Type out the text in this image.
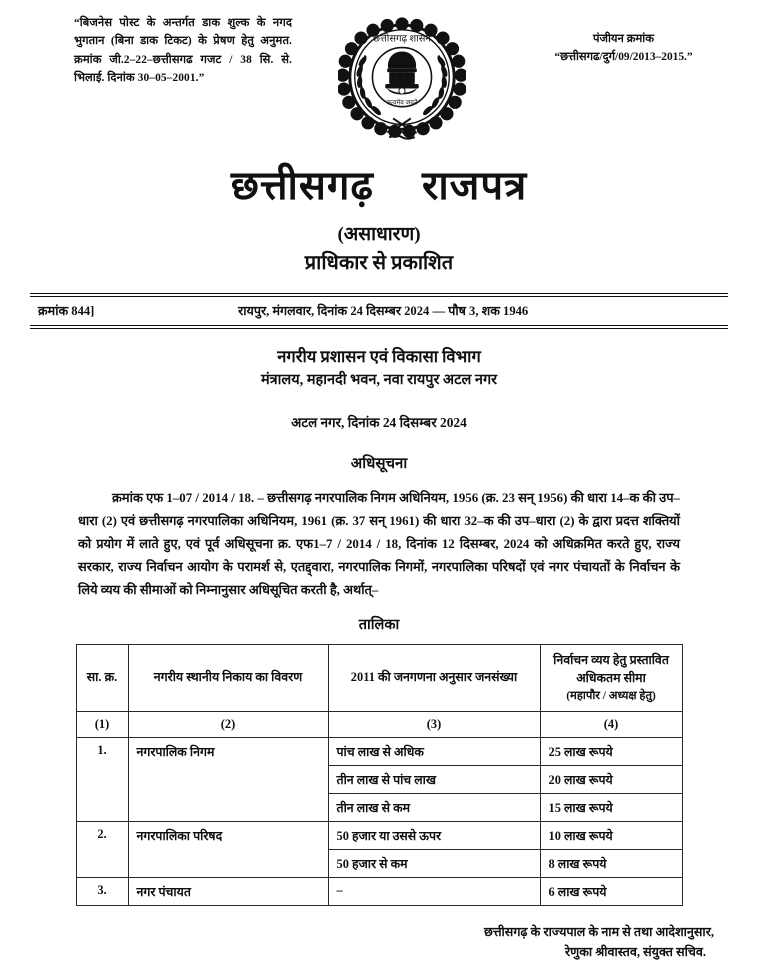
“बिजनेस पोस्ट के अन्तर्गत डाक शुल्क के नगद भुगतान (बिना डाक टिकट) के प्रेषण हेतु अनुमत. क्रमांक जी.2–22–छत्तीसगढ गजट / 38 सि. से. भिलाई. दिनांक 30–05–2001.”
छत्तीसगढ़ शासन
सत्यमेव जयते
पंजीयन क्रमांक
“छत्तीसगढ/दुर्ग/09/2013–2015.”
छत्तीसगढ़ राजपत्र
(असाधारण)
प्राधिकार से प्रकाशित
क्रमांक 844]	रायपुर, मंगलवार, दिनांक 24 दिसम्बर 2024 — पौष 3, शक 1946
नगरीय प्रशासन एवं विकासा विभाग
मंत्रालय, महानदी भवन, नवा रायपुर अटल नगर
अटल नगर, दिनांक 24 दिसम्बर 2024
अधिसूचना
क्रमांक एफ 1–07 / 2014 / 18. – छत्तीसगढ़ नगरपालिक निगम अधिनियम, 1956 (क्र. 23 सन् 1956) की धारा 14–क की उप–धारा (2) एवं छत्तीसगढ़ नगरपालिका अधिनियम, 1961 (क्र. 37 सन् 1961) की धारा 32–क की उप–धारा (2) के द्वारा प्रदत्त शक्तियों को प्रयोग में लाते हुए, एवं पूर्व अधिसूचना क्र. एफ1–7 / 2014 / 18, दिनांक 12 दिसम्बर, 2024 को अधिक्रमित करते हुए, राज्य सरकार, राज्य निर्वाचन आयोग के परामर्श से, एतद्द्वारा, नगरपालिक निगमों, नगरपालिका परिषदों एवं नगर पंचायतों के निर्वाचन के लिये व्यय की सीमाओं को निम्नानुसार अधिसूचित करती है, अर्थात्–
तालिका
सा. क्र.	नगरीय स्थानीय निकाय का विवरण	2011 की जनगणना अनुसार जनसंख्या	निर्वाचन व्यय हेतु प्रस्तावित
अधिकतम सीमा
(महापौर / अध्यक्ष हेतु)

(1)	(2)	(3)	(4)
1.	नगरपालिक निगम	पांच लाख से अधिक	25 लाख रूपये
		तीन लाख से पांच लाख	20 लाख रूपये
		तीन लाख से कम	15 लाख रूपये
2.	नगरपालिका परिषद	50 हजार या उससे ऊपर	10 लाख रूपये
		50 हजार से कम	8 लाख रूपये
3.	नगर पंचायत	–	6 लाख रूपये
छत्तीसगढ़ के राज्यपाल के नाम से तथा आदेशानुसार,
रेणुका श्रीवास्तव, संयुक्त सचिव.
